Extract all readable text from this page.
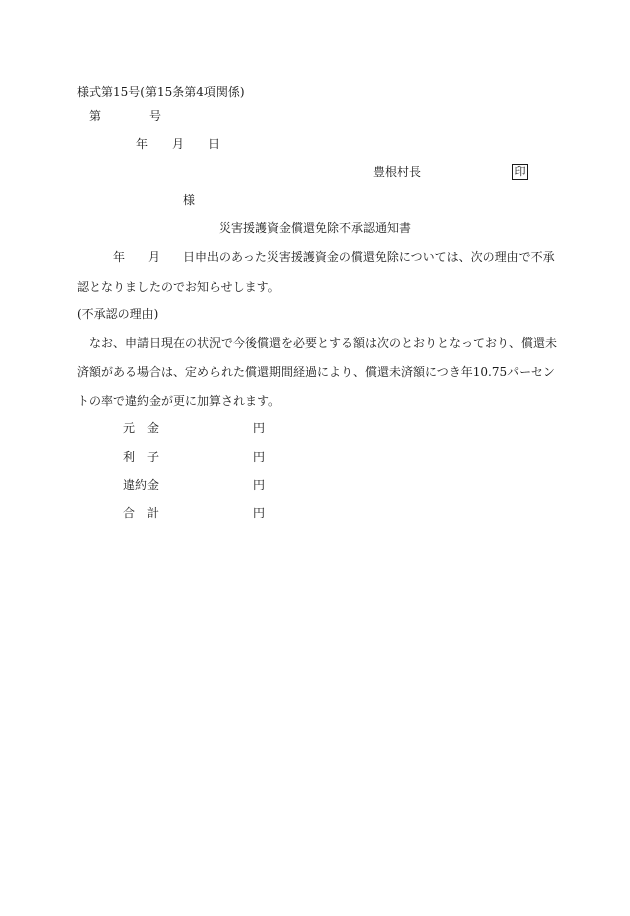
様式第15号(第15条第4項関係)
第	号
年 月 日
豊根村長	印
様
災害援護資金償還免除不承認通知書
年 月 日申出のあった災害援護資金の償還免除については、次の理由で不承
認となりましたのでお知らせします。
(不承認の理由)
なお、申請日現在の状況で今後償還を必要とする額は次のとおりとなっており、償還未
済額がある場合は、定められた償還期間経過により、償還未済額につき年10.75パーセン
トの率で違約金が更に加算されます。
元　金	円
利　子	円
違約金	円
合　計	円
